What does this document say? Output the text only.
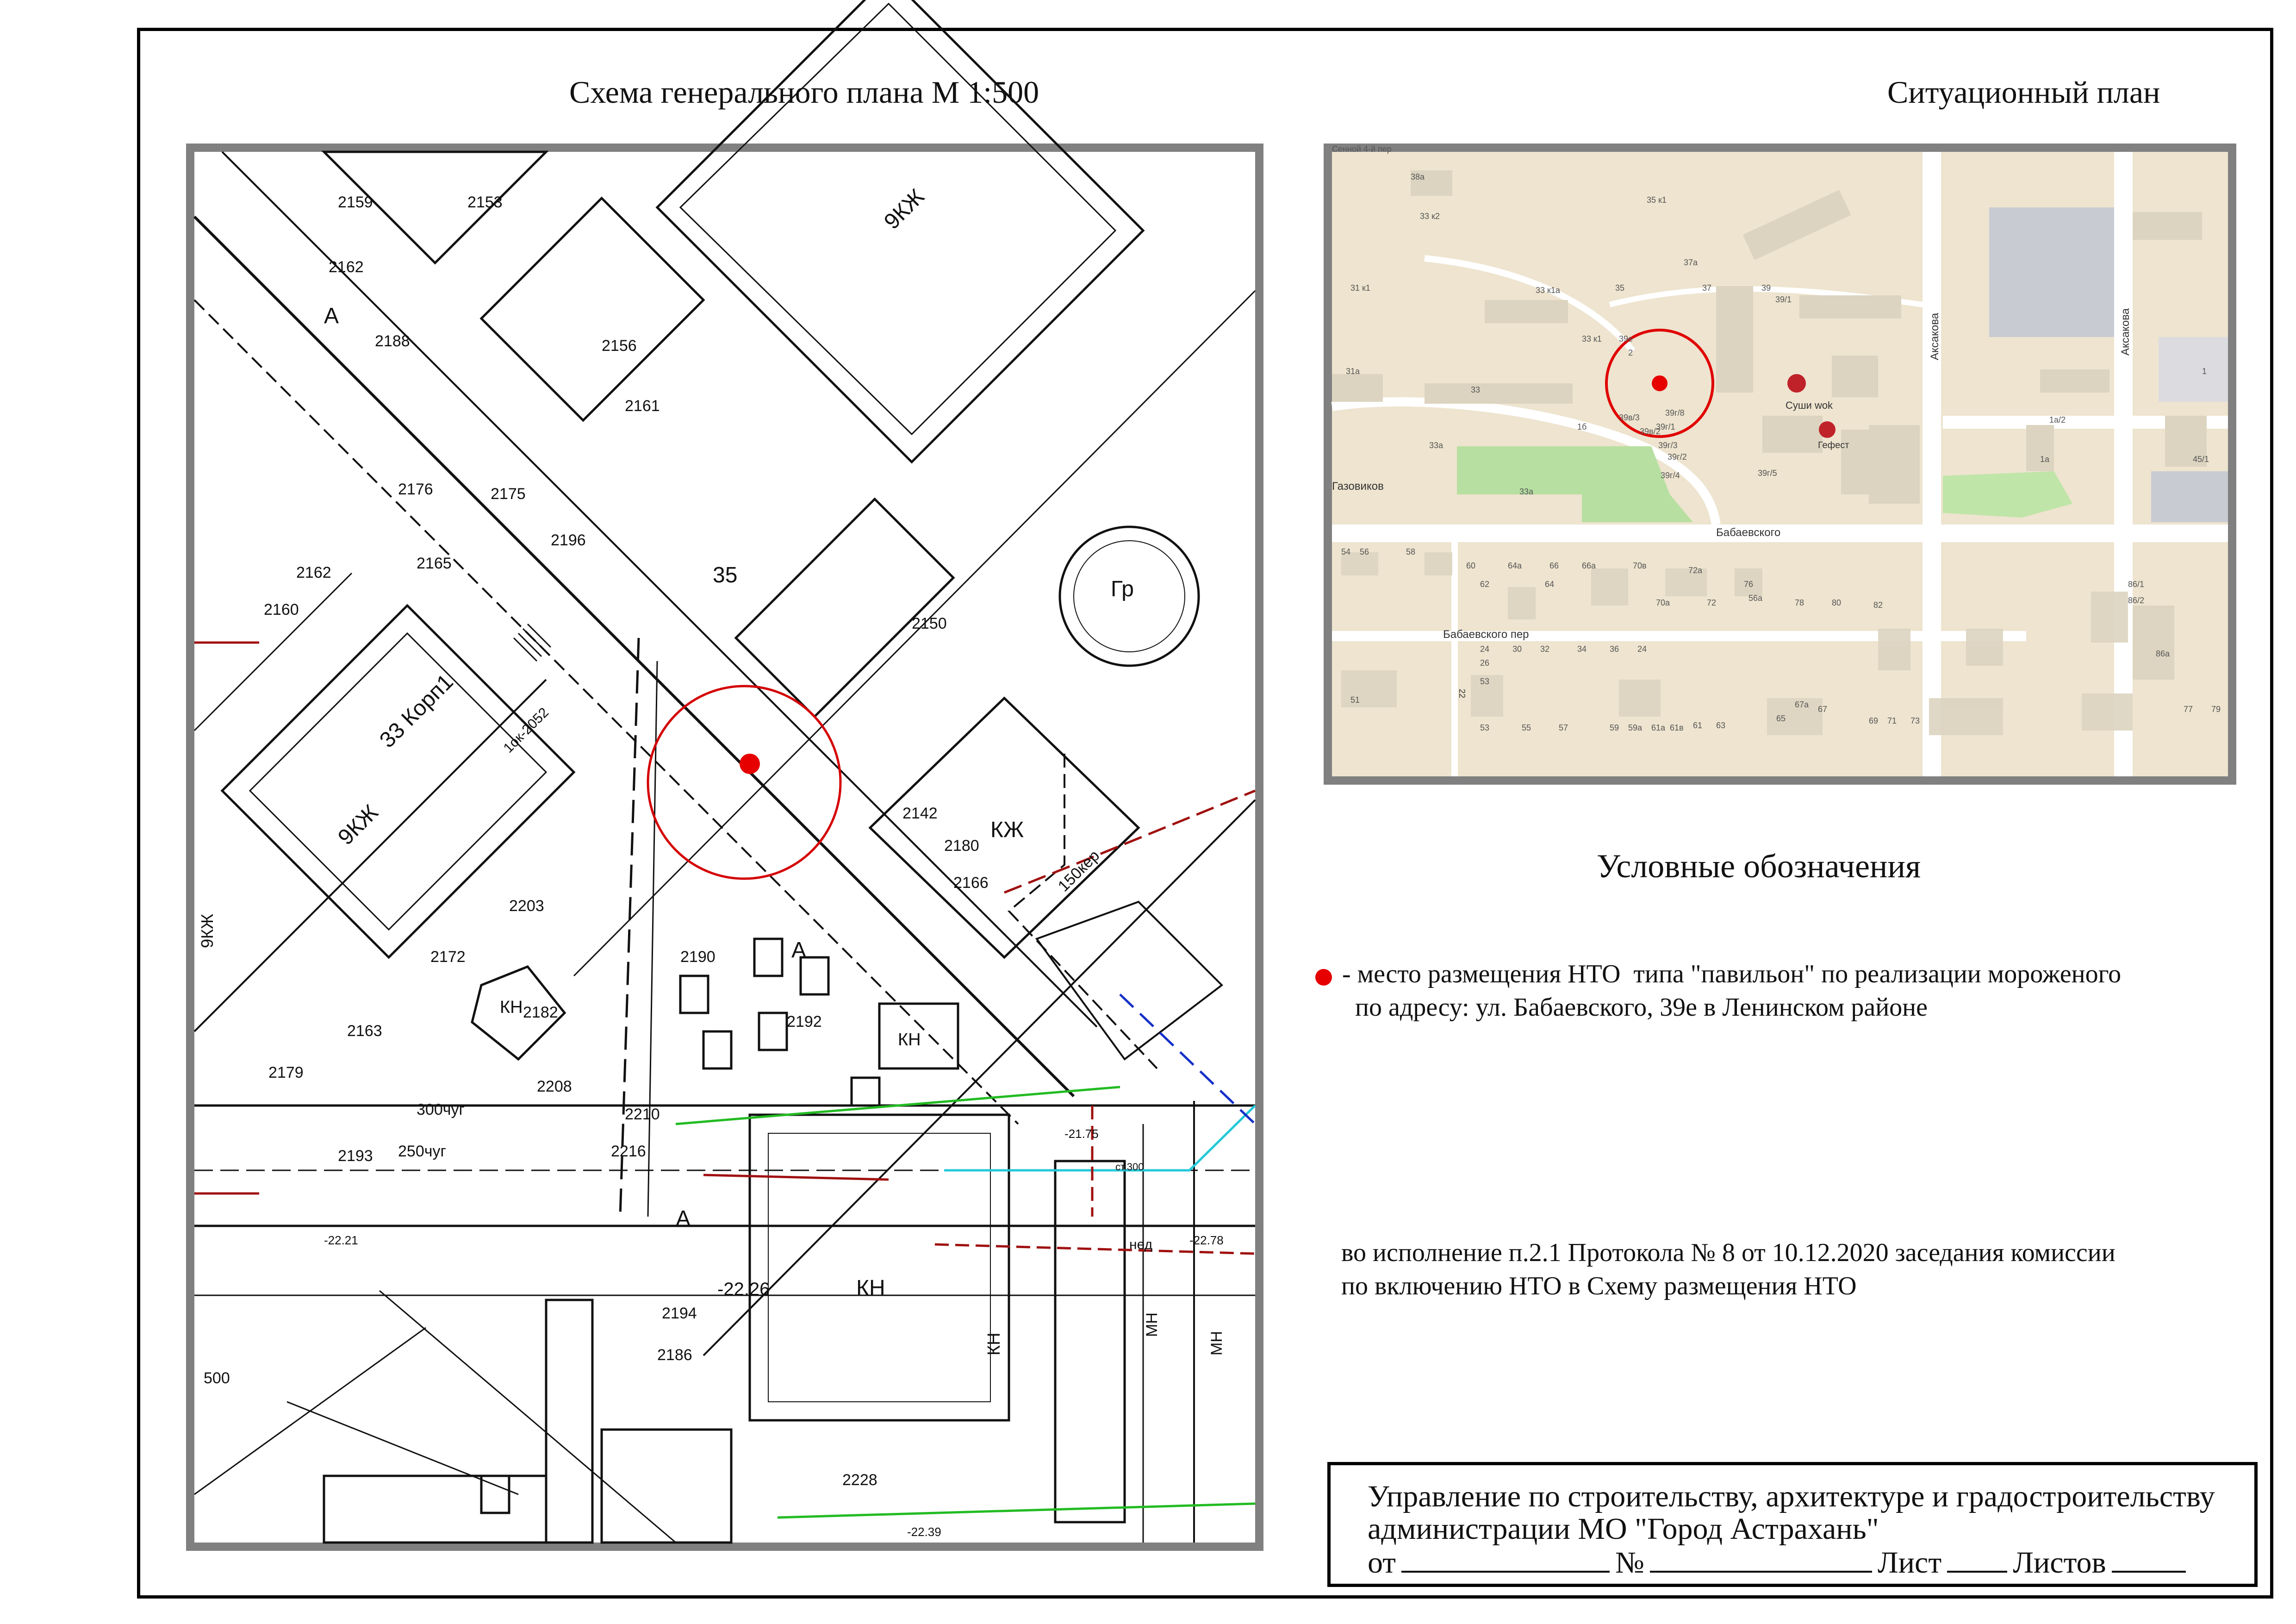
Схема генерального плана М 1:500	Ситуационный план
9КЖ
9КЖ
9КЖ
33 Корп1
35
КЖ
Гр
КН
КН
КН
КН
А
А
А
2159	2153
2162
2188	2156
2161
2162
2160
2165
2176	2175
2196
2150
2142
2180
2166
2172
2182
2163
2179
2203
2208
2190
2192
2193
2210
2216
2194
2186
2228
-22.26
-22.21
-22.39
-21.75
-22.78
300чуг
250чуг
150кер
500
ст.300
1ок-2052
МН
МН
нед
38а
35 к1
33 к2
37а
35	37	39
39/1
31 к1	33 к1а
39е
2
33 к1
31а
33
1б
39в/3	39г/8
39в/2
39г/3
39г/1
39г/2
39г/4	39г/5
33а
33а
54 56	58
60	64а	66	66а	70в	72а
62	64	76
70а	72	56а	78	80	82
86/1
86/2
Сенной 4-й пер
24
26
30 32	34	36 24
53
86а
51
53	55	57	59 59а 61а 61в 61 63
65
67а 67
69 71 73
77 79
1а/2
1а	45/1
1
Бабаевского
Бабаевского пер
Газовиков
Аксакова	Аксакова
22
Суши wok
Гефест
Условные обозначения
- место размещения НТО  типа "павильон" по реализации мороженого
по адресу: ул. Бабаевского, 39е в Ленинском районе
во исполнение п.2.1 Протокола № 8 от 10.12.2020 заседания комиссии
по включению НТО в Схему размещения НТО
Управление по строительству, архитектуре и градостроительству
администрации МО "Город Астрахань"
от	№	Лист Листов
